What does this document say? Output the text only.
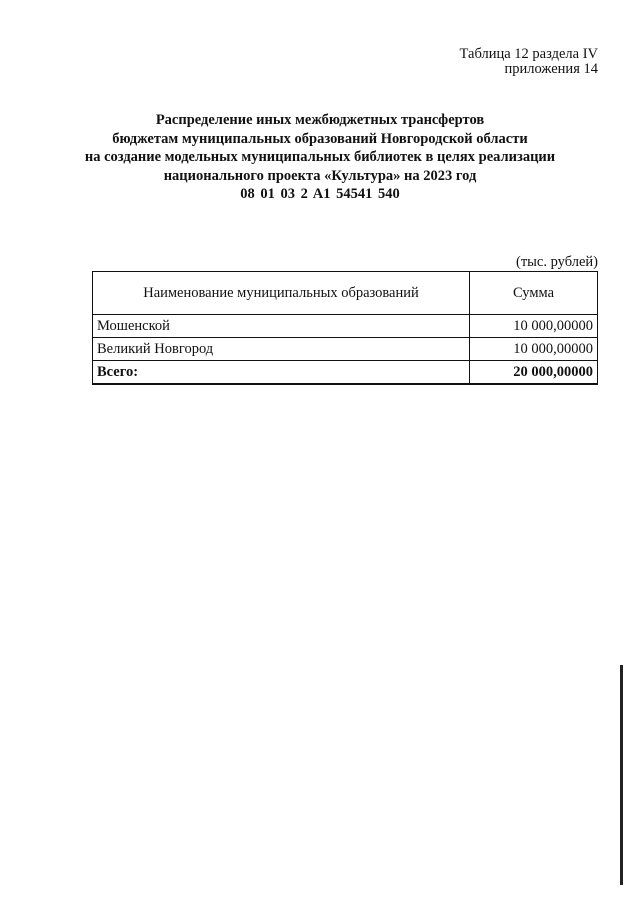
Таблица 12 раздела IV
приложения 14
Распределение иных межбюджетных трансфертов
бюджетам муниципальных образований Новгородской области
на создание модельных муниципальных библиотек в целях реализации
национального проекта «Культура» на 2023 год
08 01 03 2 A1 54541 540
(тыс. рублей)
Наименование муниципальных образований	Сумма
Мошенской	10 000,00000
Великий Новгород	10 000,00000
Всего:	20 000,00000
